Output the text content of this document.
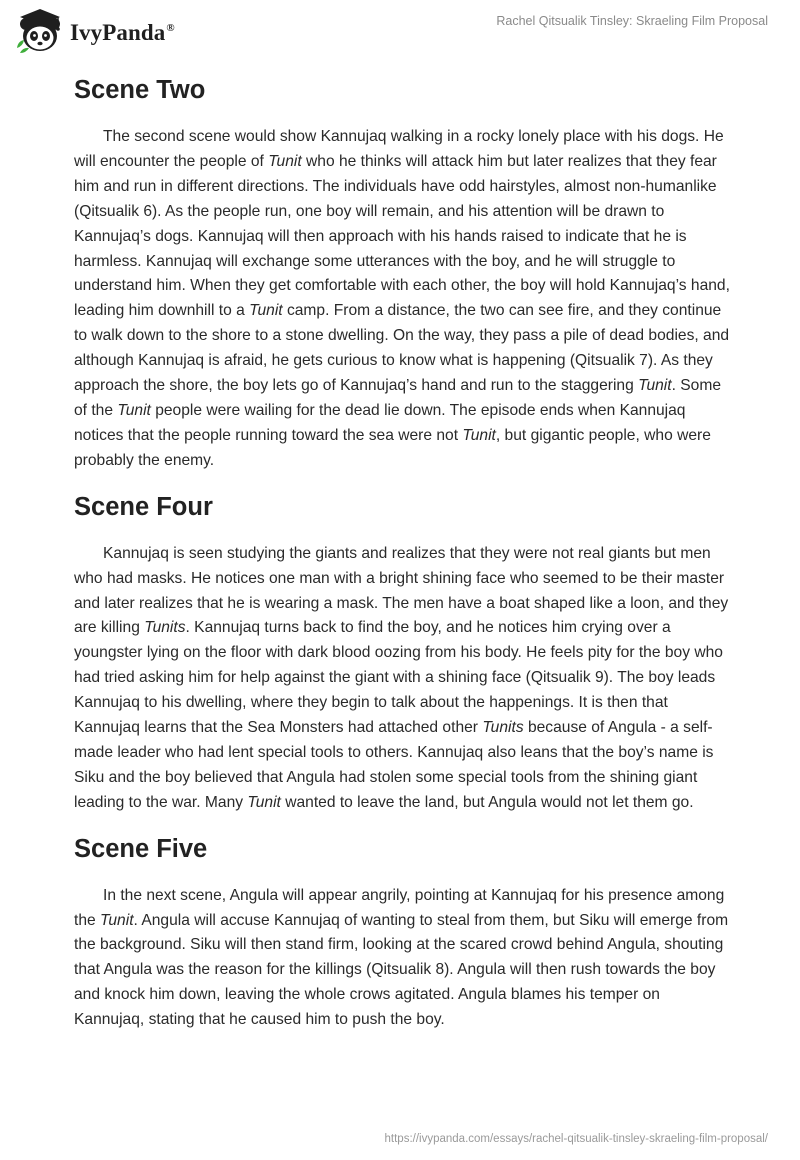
IvyPanda®
Rachel Qitsualik Tinsley: Skraeling Film Proposal
Scene Two

The second scene would show Kannujaq walking in a rocky lonely place with his dogs. He will encounter the people of Tunit who he thinks will attack him but later realizes that they fear him and run in different directions. The individuals have odd hairstyles, almost non-humanlike (Qitsualik 6). As the people run, one boy will remain, and his attention will be drawn to Kannujaq’s dogs. Kannujaq will then approach with his hands raised to indicate that he is harmless. Kannujaq will exchange some utterances with the boy, and he will struggle to understand him. When they get comfortable with each other, the boy will hold Kannujaq’s hand, leading him downhill to a Tunit camp. From a distance, the two can see fire, and they continue to walk down to the shore to a stone dwelling. On the way, they pass a pile of dead bodies, and although Kannujaq is afraid, he gets curious to know what is happening (Qitsualik 7). As they approach the shore, the boy lets go of Kannujaq’s hand and run to the staggering Tunit. Some of the Tunit people were wailing for the dead lie down. The episode ends when Kannujaq notices that the people running toward the sea were not Tunit, but gigantic people, who were probably the enemy.

Scene Four

Kannujaq is seen studying the giants and realizes that they were not real giants but men who had masks. He notices one man with a bright shining face who seemed to be their master and later realizes that he is wearing a mask. The men have a boat shaped like a loon, and they are killing Tunits. Kannujaq turns back to find the boy, and he notices him crying over a youngster lying on the floor with dark blood oozing from his body. He feels pity for the boy who had tried asking him for help against the giant with a shining face (Qitsualik 9). The boy leads Kannujaq to his dwelling, where they begin to talk about the happenings. It is then that Kannujaq learns that the Sea Monsters had attached other Tunits because of Angula - a self-made leader who had lent special tools to others. Kannujaq also leans that the boy’s name is Siku and the boy believed that Angula had stolen some special tools from the shining giant leading to the war. Many Tunit wanted to leave the land, but Angula would not let them go.

Scene Five

In the next scene, Angula will appear angrily, pointing at Kannujaq for his presence among the Tunit. Angula will accuse Kannujaq of wanting to steal from them, but Siku will emerge from the background. Siku will then stand firm, looking at the scared crowd behind Angula, shouting that Angula was the reason for the killings (Qitsualik 8). Angula will then rush towards the boy and knock him down, leaving the whole crows agitated. Angula blames his temper on Kannujaq, stating that he caused him to push the boy.

https://ivypanda.com/essays/rachel-qitsualik-tinsley-skraeling-film-proposal/
